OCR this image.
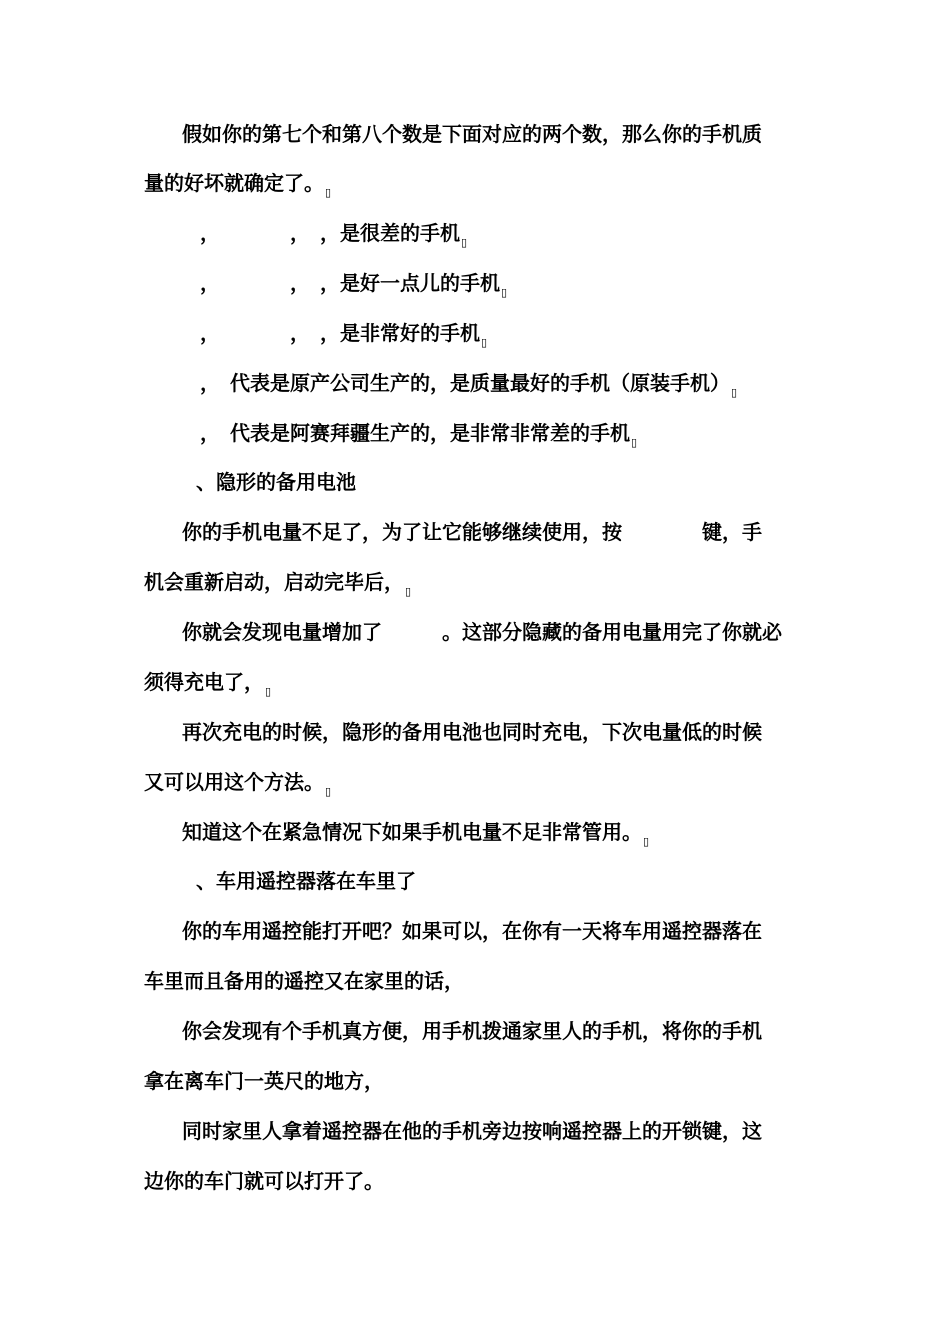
假如你的第七个和第八个数是下面对应的两个数，那么你的手机质
量的好坏就确定了。▯
，　　　　，　，是很差的手机▯
，　　　　，　，是好一点儿的手机▯
，　　　　，　，是非常好的手机▯
，　代表是原产公司生产的，是质量最好的手机（原装手机）▯
，　代表是阿赛拜疆生产的，是非常非常差的手机▯
、隐形的备用电池
你的手机电量不足了，为了让它能够继续使用，按　　　　键，手
机会重新启动，启动完毕后，▯
你就会发现电量增加了　　　。这部分隐藏的备用电量用完了你就必
须得充电了，▯
再次充电的时候，隐形的备用电池也同时充电，下次电量低的时候
又可以用这个方法。▯
知道这个在紧急情况下如果手机电量不足非常管用。▯
、车用遥控器落在车里了
你的车用遥控能打开吧？如果可以，在你有一天将车用遥控器落在
车里而且备用的遥控又在家里的话，
你会发现有个手机真方便，用手机拨通家里人的手机，将你的手机
拿在离车门一英尺的地方，
同时家里人拿着遥控器在他的手机旁边按响遥控器上的开锁键，这
边你的车门就可以打开了。
